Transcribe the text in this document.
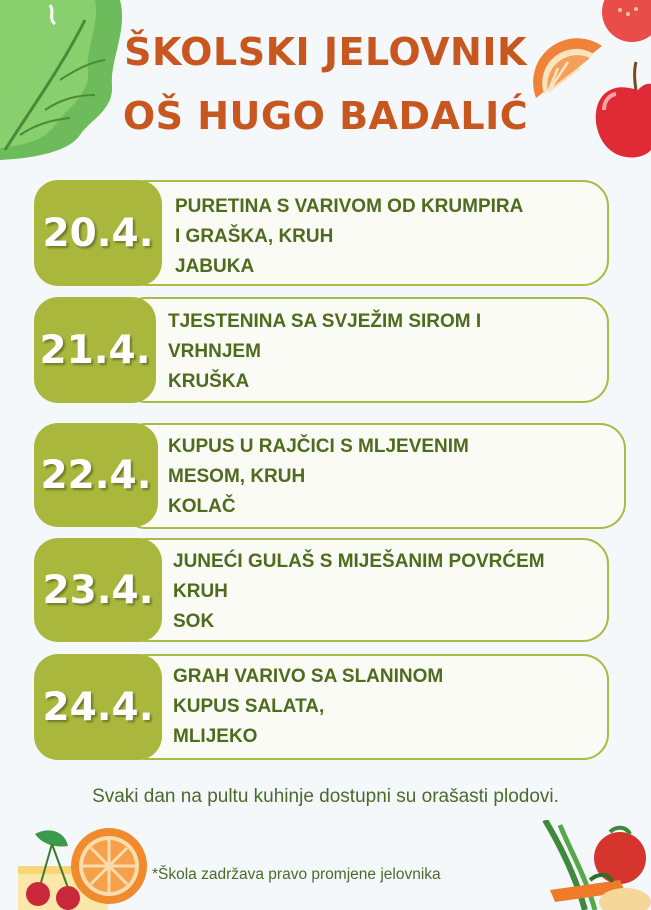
ŠKOLSKI JELOVNIK
OŠ HUGO BADALIĆ
20.4.
PURETINA S VARIVOM OD KRUMPIRA
I GRAŠKA, KRUH
JABUKA
21.4.
TJESTENINA SA SVJEŽIM SIROM I
VRHNJEM
KRUŠKA
22.4.
KUPUS U RAJČICI S MLJEVENIM
MESOM, KRUH
KOLAČ
23.4.
JUNEĆI GULAŠ S MIJEŠANIM POVRĆEM
KRUH
SOK
24.4.
GRAH VARIVO SA SLANINOM
KUPUS SALATA,
MLIJEKO
Svaki dan na pultu kuhinje dostupni su orašasti plodovi.
*Škola zadržava pravo promjene jelovnika
